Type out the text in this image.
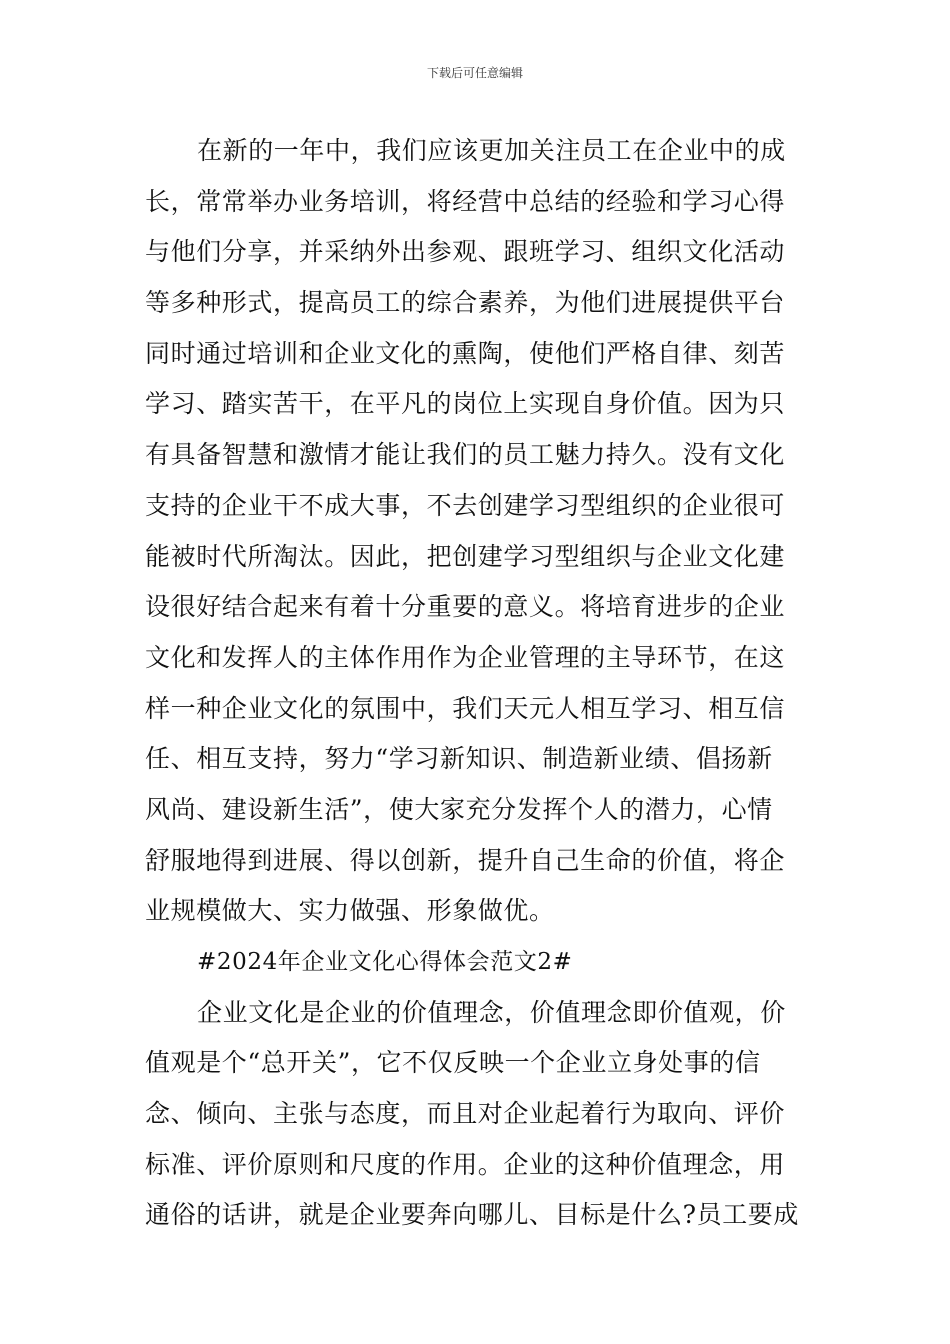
下载后可任意编辑
在新的一年中，我们应该更加关注员工在企业中的成
长，常常举办业务培训，将经营中总结的经验和学习心得
与他们分享，并采纳外出参观、跟班学习、组织文化活动
等多种形式，提高员工的综合素养，为他们进展提供平台
同时通过培训和企业文化的熏陶，使他们严格自律、刻苦
学习、踏实苦干，在平凡的岗位上实现自身价值。因为只
有具备智慧和激情才能让我们的员工魅力持久。没有文化
支持的企业干不成大事，不去创建学习型组织的企业很可
能被时代所淘汰。因此，把创建学习型组织与企业文化建
设很好结合起来有着十分重要的意义。将培育进步的企业
文化和发挥人的主体作用作为企业管理的主导环节，在这
样一种企业文化的氛围中，我们天元人相互学习、相互信
任、相互支持，努力“学习新知识、制造新业绩、倡扬新
风尚、建设新生活”，使大家充分发挥个人的潜力，心情
舒服地得到进展、得以创新，提升自己生命的价值，将企
业规模做大、实力做强、形象做优。
#2024年企业文化心得体会范文2#
企业文化是企业的价值理念，价值理念即价值观，价
值观是个“总开关”，它不仅反映一个企业立身处事的信
念、倾向、主张与态度，而且对企业起着行为取向、评价
标准、评价原则和尺度的作用。企业的这种价值理念，用
通俗的话讲，就是企业要奔向哪儿、目标是什么?员工要成
